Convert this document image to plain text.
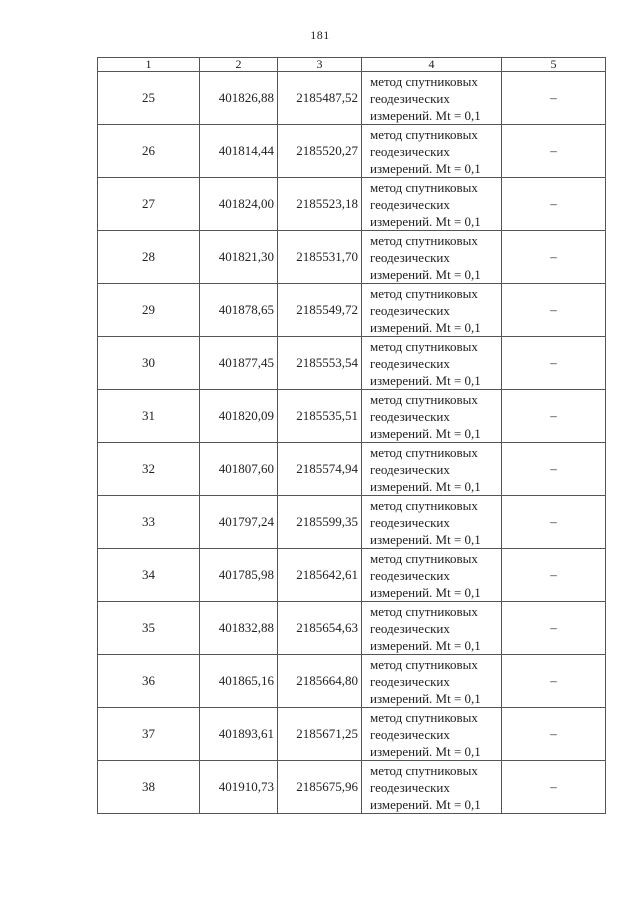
181
1	2	3	4	5
25	401826,88	2185487,52	метод спутниковых
геодезических
измерений. Mt = 0,1	–
26	401814,44	2185520,27	метод спутниковых
геодезических
измерений. Mt = 0,1	–
27	401824,00	2185523,18	метод спутниковых
геодезических
измерений. Mt = 0,1	–
28	401821,30	2185531,70	метод спутниковых
геодезических
измерений. Mt = 0,1	–
29	401878,65	2185549,72	метод спутниковых
геодезических
измерений. Mt = 0,1	–
30	401877,45	2185553,54	метод спутниковых
геодезических
измерений. Mt = 0,1	–
31	401820,09	2185535,51	метод спутниковых
геодезических
измерений. Mt = 0,1	–
32	401807,60	2185574,94	метод спутниковых
геодезических
измерений. Mt = 0,1	–
33	401797,24	2185599,35	метод спутниковых
геодезических
измерений. Mt = 0,1	–
34	401785,98	2185642,61	метод спутниковых
геодезических
измерений. Mt = 0,1	–
35	401832,88	2185654,63	метод спутниковых
геодезических
измерений. Mt = 0,1	–
36	401865,16	2185664,80	метод спутниковых
геодезических
измерений. Mt = 0,1	–
37	401893,61	2185671,25	метод спутниковых
геодезических
измерений. Mt = 0,1	–
38	401910,73	2185675,96	метод спутниковых
геодезических
измерений. Mt = 0,1	–
